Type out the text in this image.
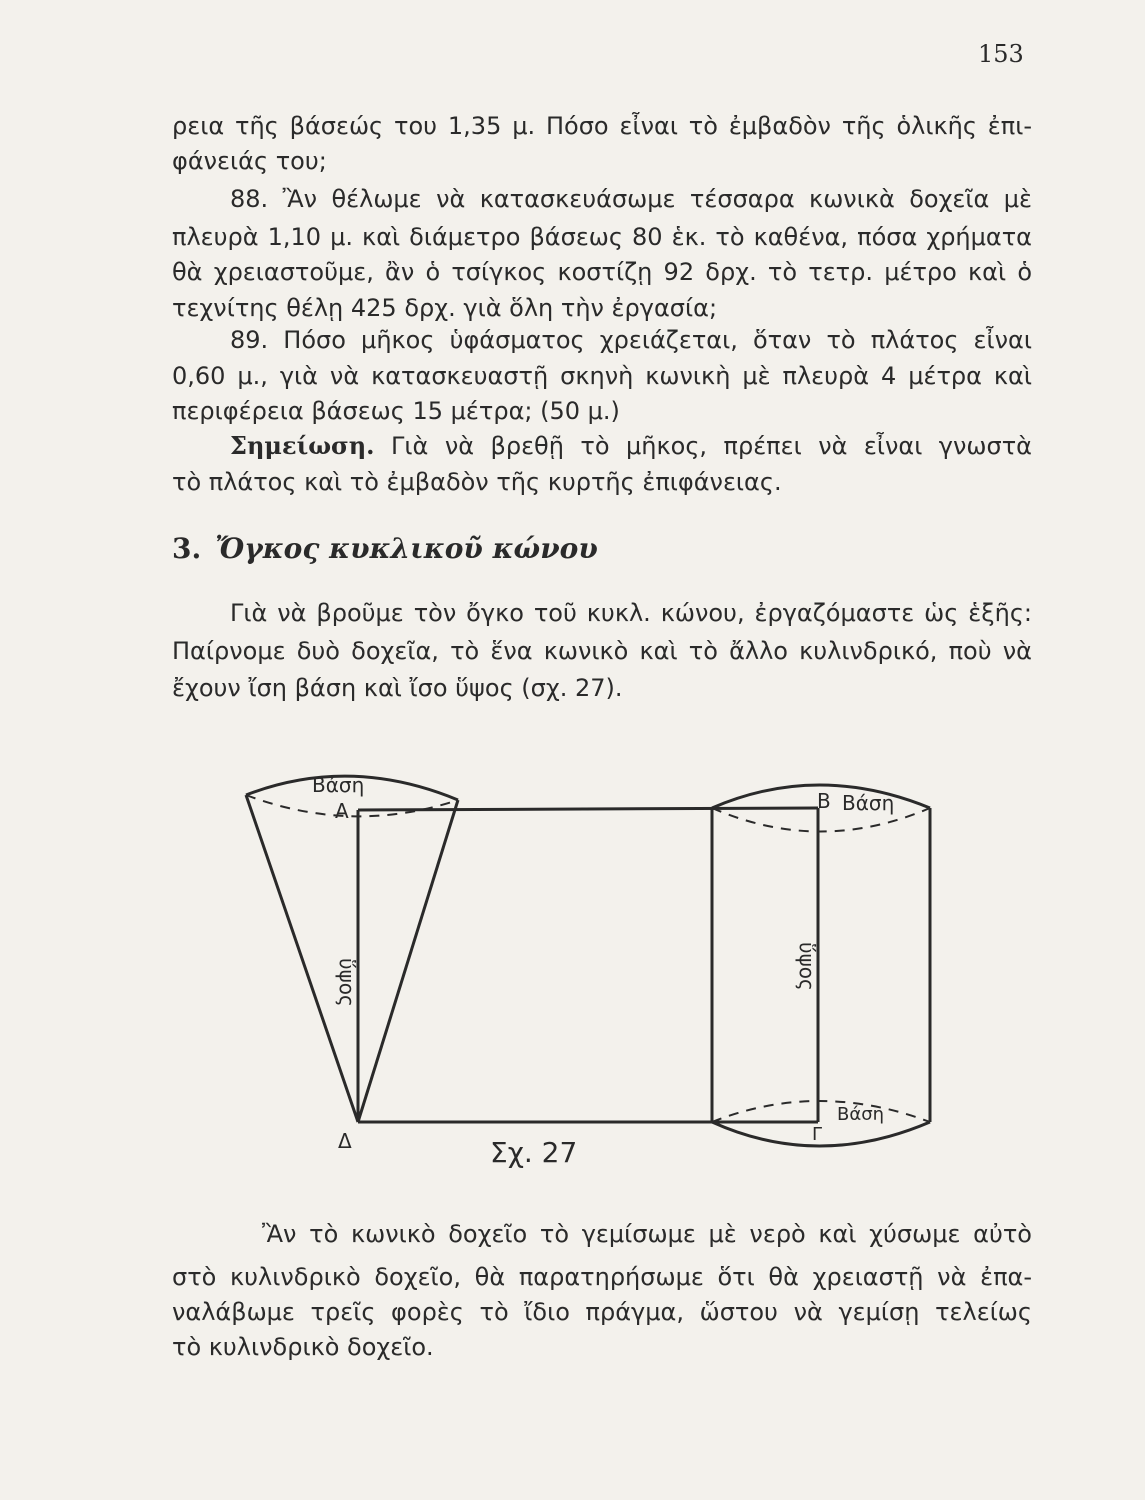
153
ρεια τῆς βάσεώς του 1,35 μ. Πόσο εἶναι τὸ ἐμβαδὸν τῆς ὁλικῆς ἐπι-
φάνειάς του;
88. Ἂν θέλωμε νὰ κατασκευάσωμε τέσσαρα κωνικὰ δοχεῖα μὲ
πλευρὰ 1,10 μ. καὶ διάμετρο βάσεως 80 ἑκ. τὸ καθένα, πόσα χρήματα
θὰ χρειαστοῦμε, ἂν ὁ τσίγκος κοστίζῃ 92 δρχ. τὸ τετρ. μέτρο καὶ ὁ
τεχνίτης θέλῃ 425 δρχ. γιὰ ὅλη τὴν ἐργασία;
89. Πόσο μῆκος ὑφάσματος χρειάζεται, ὅταν τὸ πλάτος εἶναι
0,60 μ., γιὰ νὰ κατασκευαστῇ σκηνὴ κωνικὴ μὲ πλευρὰ 4 μέτρα καὶ
περιφέρεια βάσεως 15 μέτρα; (50 μ.)
Σημείωση. Γιὰ νὰ βρεθῇ τὸ μῆκος, πρέπει νὰ εἶναι γνωστὰ
τὸ πλάτος καὶ τὸ ἐμβαδὸν τῆς κυρτῆς ἐπιφάνειας.
3. Ὄγκος κυκλικοῦ κώνου
Γιὰ νὰ βροῦμε τὸν ὄγκο τοῦ κυκλ. κώνου, ἐργαζόμαστε ὡς ἑξῆς:
Παίρνομε δυὸ δοχεῖα, τὸ ἕνα κωνικὸ καὶ τὸ ἄλλο κυλινδρικό, ποὺ νὰ
ἔχουν ἴση βάση καὶ ἴσο ὕψος (σχ. 27).
Βάση
Α	Β Βάση
Δ	Γ
Βάση
ὕψος	ὕψος
Σχ. 27
Ἂν τὸ κωνικὸ δοχεῖο τὸ γεμίσωμε μὲ νερὸ καὶ χύσωμε αὐτὸ
στὸ κυλινδρικὸ δοχεῖο, θὰ παρατηρήσωμε ὅτι θὰ χρειαστῇ νὰ ἐπα-
ναλάβωμε τρεῖς φορὲς τὸ ἴδιο πράγμα, ὥστου νὰ γεμίσῃ τελείως
τὸ κυλινδρικὸ δοχεῖο.
